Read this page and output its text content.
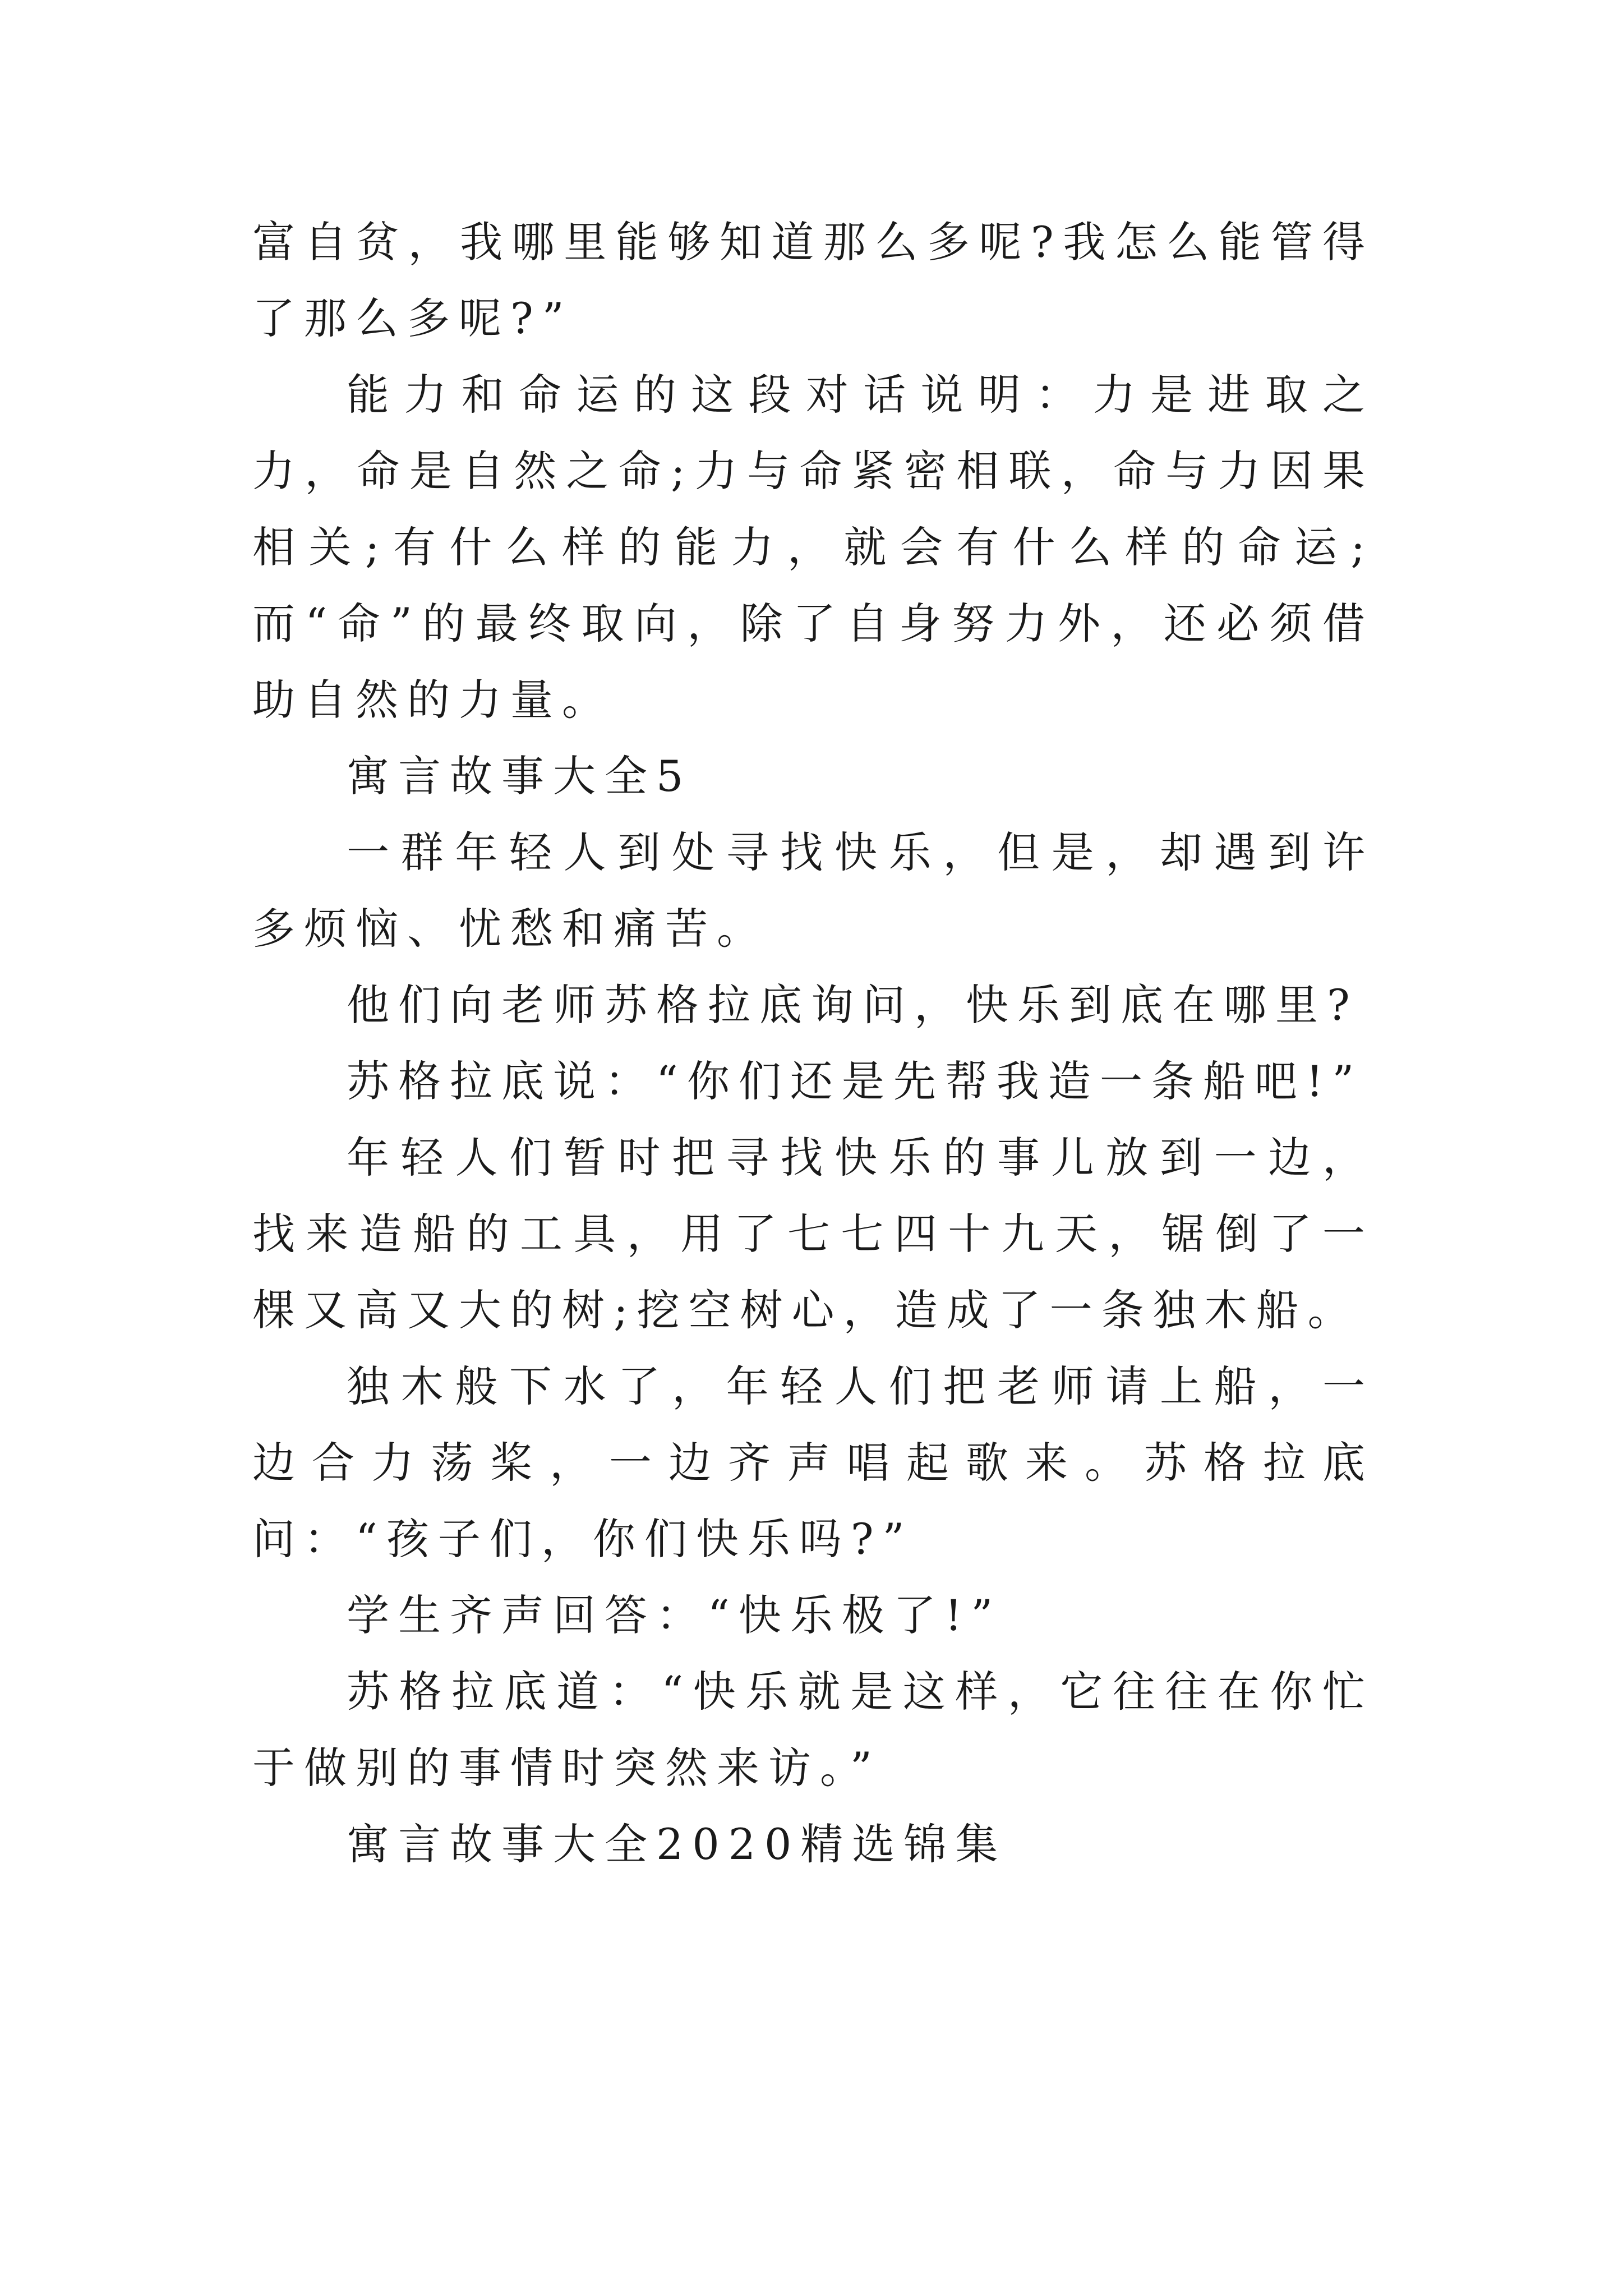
富自贫，我哪里能够知道那么多呢?我怎么能管得了那么多呢?”

能力和命运的这段对话说明：力是进取之力，命是自然之命;力与命紧密相联，命与力因果相关;有什么样的能力，就会有什么样的命运;而“命”的最终取向，除了自身努力外，还必须借助自然的力量。

寓言故事大全5

一群年轻人到处寻找快乐，但是，却遇到许多烦恼、忧愁和痛苦。

他们向老师苏格拉底询问，快乐到底在哪里?

苏格拉底说：“你们还是先帮我造一条船吧!”

年轻人们暂时把寻找快乐的事儿放到一边，找来造船的工具，用了七七四十九天，锯倒了一棵又高又大的树;挖空树心，造成了一条独木船。

独木般下水了，年轻人们把老师请上船，一边合力荡桨，一边齐声唱起歌来。苏格拉底问：“孩子们，你们快乐吗?”

学生齐声回答：“快乐极了!”

苏格拉底道：“快乐就是这样，它往往在你忙于做别的事情时突然来访。”

寓言故事大全2020精选锦集
